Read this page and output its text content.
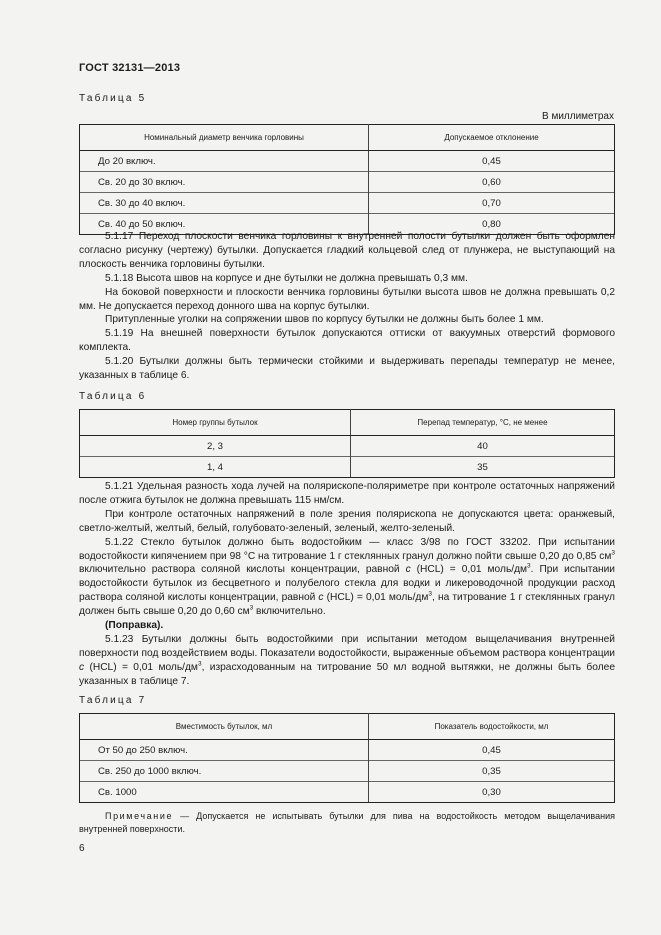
ГОСТ 32131—2013
Таблица 5
В миллиметрах
Номинальный диаметр венчика горловины	Допускаемое отклонение
До 20 включ.	0,45
Св. 20 до 30 включ.	0,60
Св. 30 до 40 включ.	0,70
Св. 40 до 50 включ.	0,80

5.1.17 Переход плоскости венчика горловины к внутренней полости бутылки должен быть оформлен согласно рисунку (чертежу) бутылки. Допускается гладкий кольцевой след от плунжера, не выступающий на плоскость венчика горловины бутылки.

5.1.18 Высота швов на корпусе и дне бутылки не должна превышать 0,3 мм.

На боковой поверхности и плоскости венчика горловины бутылки высота швов не должна превышать 0,2 мм. Не допускается переход донного шва на корпус бутылки.

Притупленные уголки на сопряжении швов по корпусу бутылки не должны быть более 1 мм.

5.1.19 На внешней поверхности бутылок допускаются оттиски от вакуумных отверстий формового комплекта.

5.1.20 Бутылки должны быть термически стойкими и выдерживать перепады температур не менее, указанных в таблице 6.

Таблица 6
Номер группы бутылок	Перепад температур, °С, не менее
2, 3	40
1, 4	35

5.1.21 Удельная разность хода лучей на полярископе-поляриметре при контроле остаточных напряжений после отжига бутылок не должна превышать 115 нм/см.

При контроле остаточных напряжений в поле зрения полярископа не допускаются цвета: оранжевый, светло-желтый, желтый, белый, голубовато-зеленый, зеленый, желто-зеленый.

5.1.22 Стекло бутылок должно быть водостойким — класс 3/98 по ГОСТ 33202. При испытании водостойкости кипячением при 98 °С на титрование 1 г стеклянных гранул должно пойти свыше 0,20 до 0,85 $см^3$ включительно раствора соляной кислоты концентрации, равной с (HCL) = 0,01 моль/$дм^3$. При испытании водостойкости бутылок из бесцветного и полубелого стекла для водки и ликероводочной продукции расход раствора соляной кислоты концентрации, равной с (HCL) = 0,01 моль/$дм^3$, на титрование 1 г стеклянных гранул должен быть свыше 0,20 до 0,60 $см^3$ включительно.

(Поправка).

5.1.23 Бутылки должны быть водостойкими при испытании методом выщелачивания внутренней поверхности под воздействием воды. Показатели водостойкости, выраженные объемом раствора концентрации с (HCL) = 0,01 моль/$дм^3$, израсходованным на титрование 50 мл водной вытяжки, не должны быть более указанных в таблице 7.

Таблица 7
Вместимость бутылок, мл	Показатель водостойкости, мл
От 50 до 250 включ.	0,45
Св. 250 до 1000 включ.	0,35
Св. 1000	0,30
Примечание — Допускается не испытывать бутылки для пива на водостойкость методом выщелачивания внутренней поверхности.
6
